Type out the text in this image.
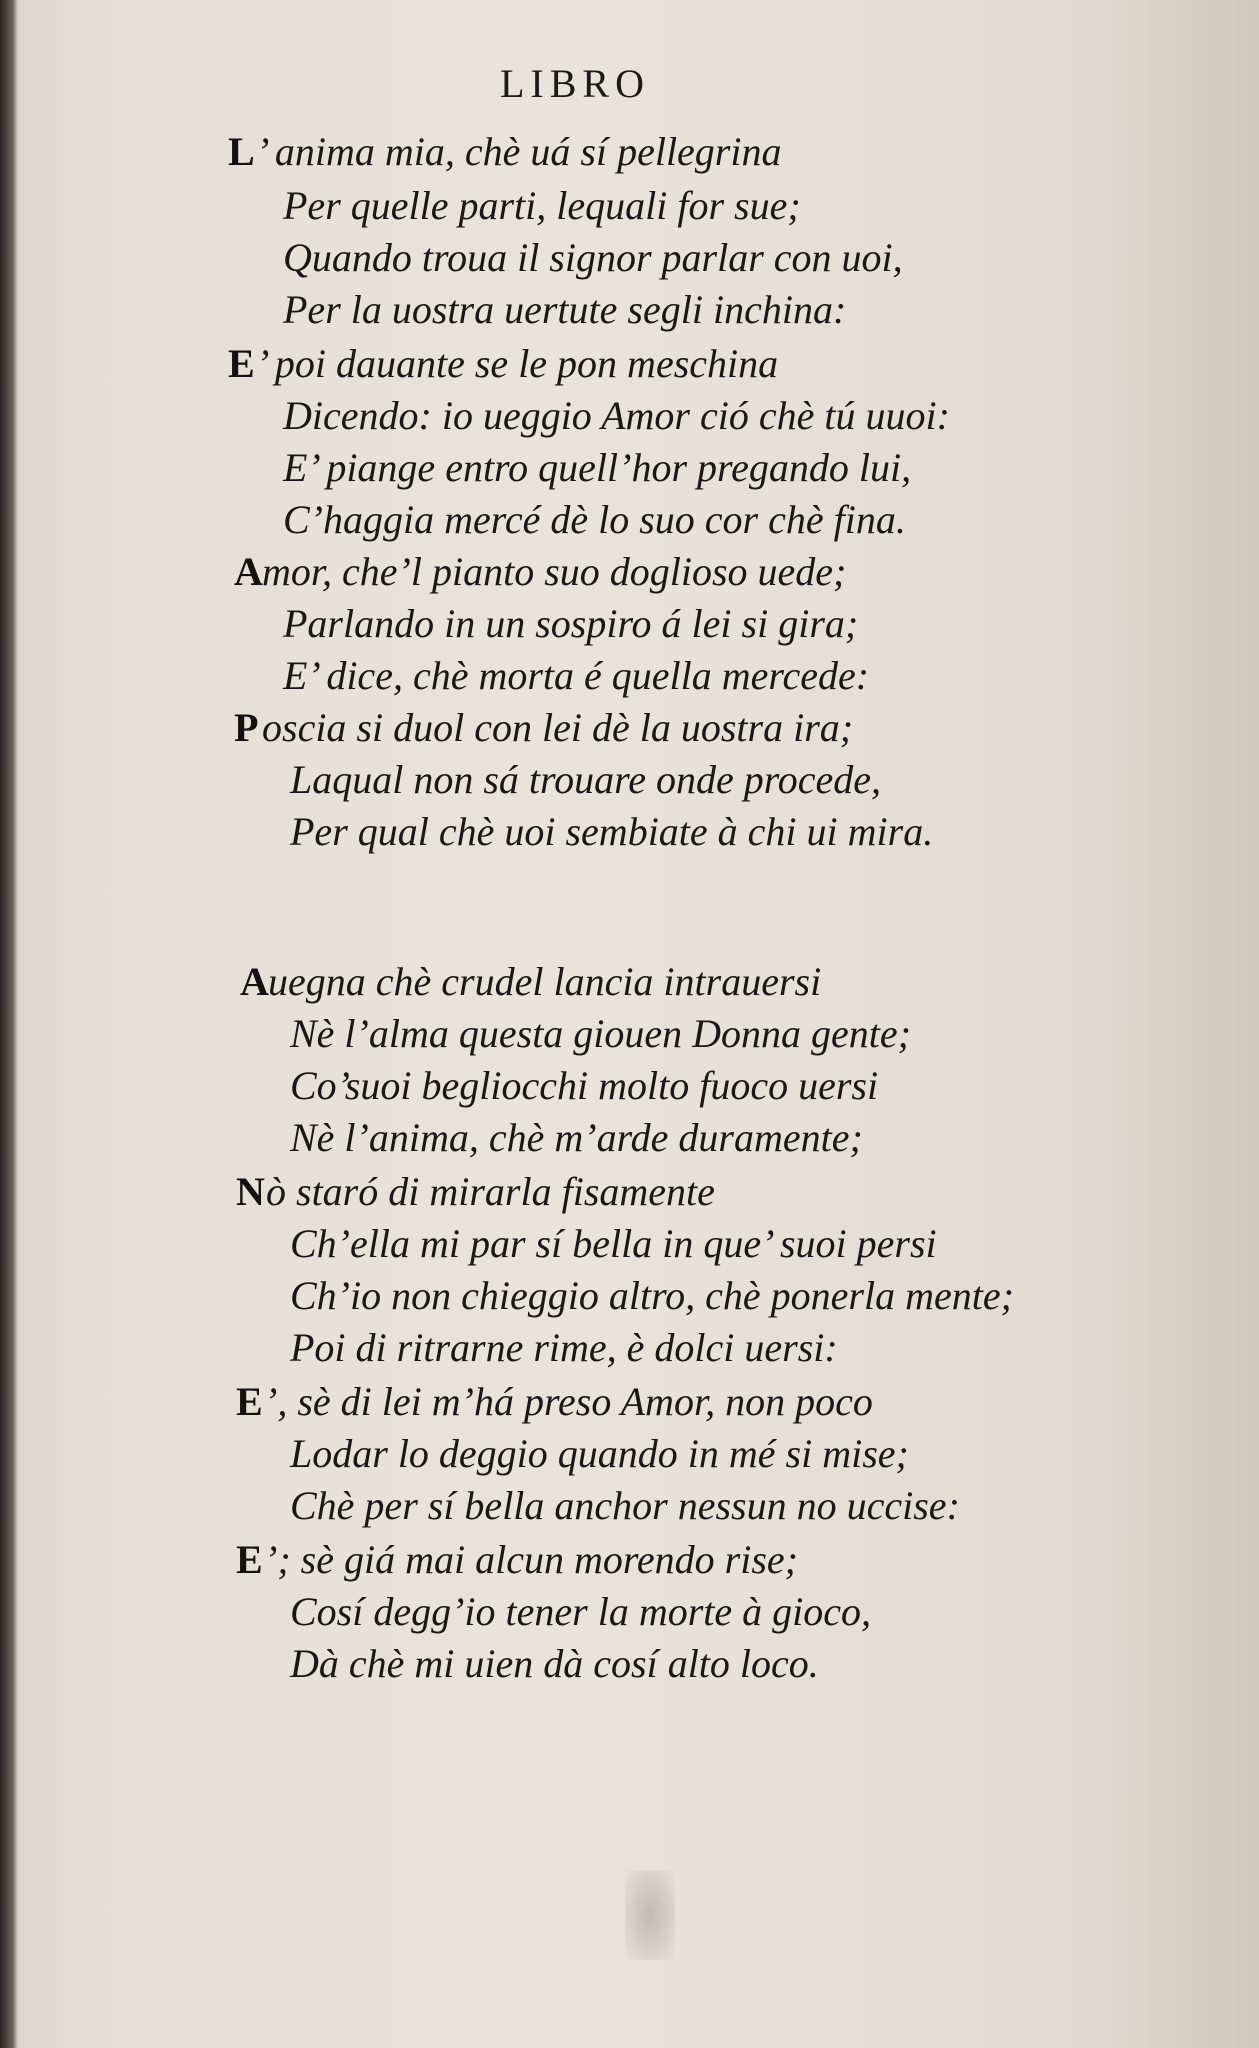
LIBRO
L ’ anima mia, chè uá sí pellegrina
Per quelle parti, lequali for sue;
Quando troua il signor parlar con uoi,
Per la uostra uertute segli inchina:
E ’ poi dauante se le pon meschina
Dicendo: io ueggio Amor ció chè tú uuoi:
E’ piange entro quell’hor pregando lui,
C’haggia mercé dè lo suo cor chè fina.
A mor, che’l pianto suo doglioso uede;
Parlando in un sospiro á lei si gira;
E’ dice, chè morta é quella mercede:
P oscia si duol con lei dè la uostra ira;
Laqual non sá trouare onde procede,
Per qual chè uoi sembiate à chi ui mira.
A uegna chè crudel lancia intrauersi
Nè l’alma questa giouen Donna gente;
Co’suoi begliocchi molto fuoco uersi
Nè l’anima, chè m’arde duramente;
N ò staró di mirarla fisamente
Ch’ella mi par sí bella in que’ suoi persi
Ch’io non chieggio altro, chè ponerla mente;
Poi di ritrarne rime, è dolci uersi:
E ’, sè di lei m’há preso Amor, non poco
Lodar lo deggio quando in mé si mise;
Chè per sí bella anchor nessun no uccise:
E ’; sè giá mai alcun morendo rise;
Cosí degg’io tener la morte à gioco,
Dà chè mi uien dà cosí alto loco.
